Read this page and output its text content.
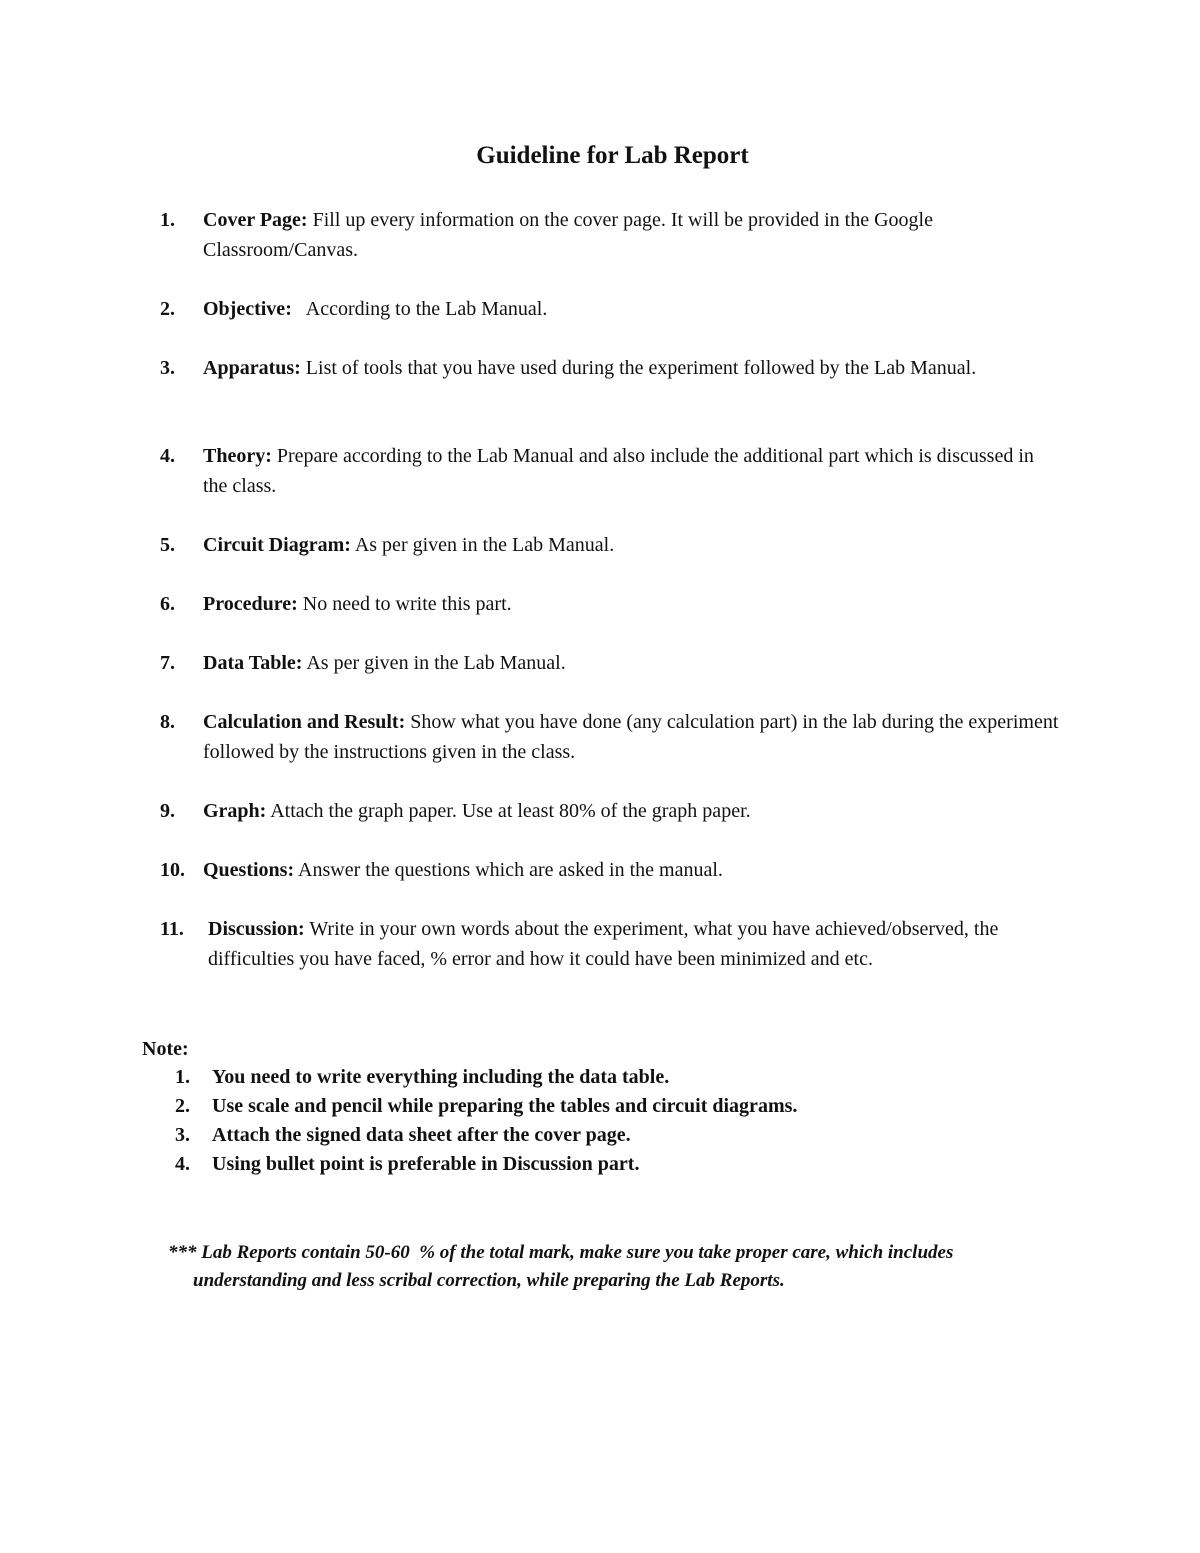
Guideline for Lab Report
1. Cover Page: Fill up every information on the cover page. It will be provided in the Google Classroom/Canvas.
2. Objective:   According to the Lab Manual.
3. Apparatus: List of tools that you have used during the experiment followed by the Lab Manual.
4. Theory: Prepare according to the Lab Manual and also include the additional part which is discussed in the class.
5. Circuit Diagram: As per given in the Lab Manual.
6. Procedure: No need to write this part.
7. Data Table: As per given in the Lab Manual.
8. Calculation and Result: Show what you have done (any calculation part) in the lab during the experiment followed by the instructions given in the class.
9. Graph: Attach the graph paper. Use at least 80% of the graph paper.
10. Questions: Answer the questions which are asked in the manual.
11. Discussion: Write in your own words about the experiment, what you have achieved/observed, the difficulties you have faced, % error and how it could have been minimized and etc.
Note:
1. You need to write everything including the data table.
2. Use scale and pencil while preparing the tables and circuit diagrams.
3. Attach the signed data sheet after the cover page.
4. Using bullet point is preferable in Discussion part.
*** Lab Reports contain 50-60  % of the total mark, make sure you take proper care, which includes
understanding and less scribal correction, while preparing the Lab Reports.
